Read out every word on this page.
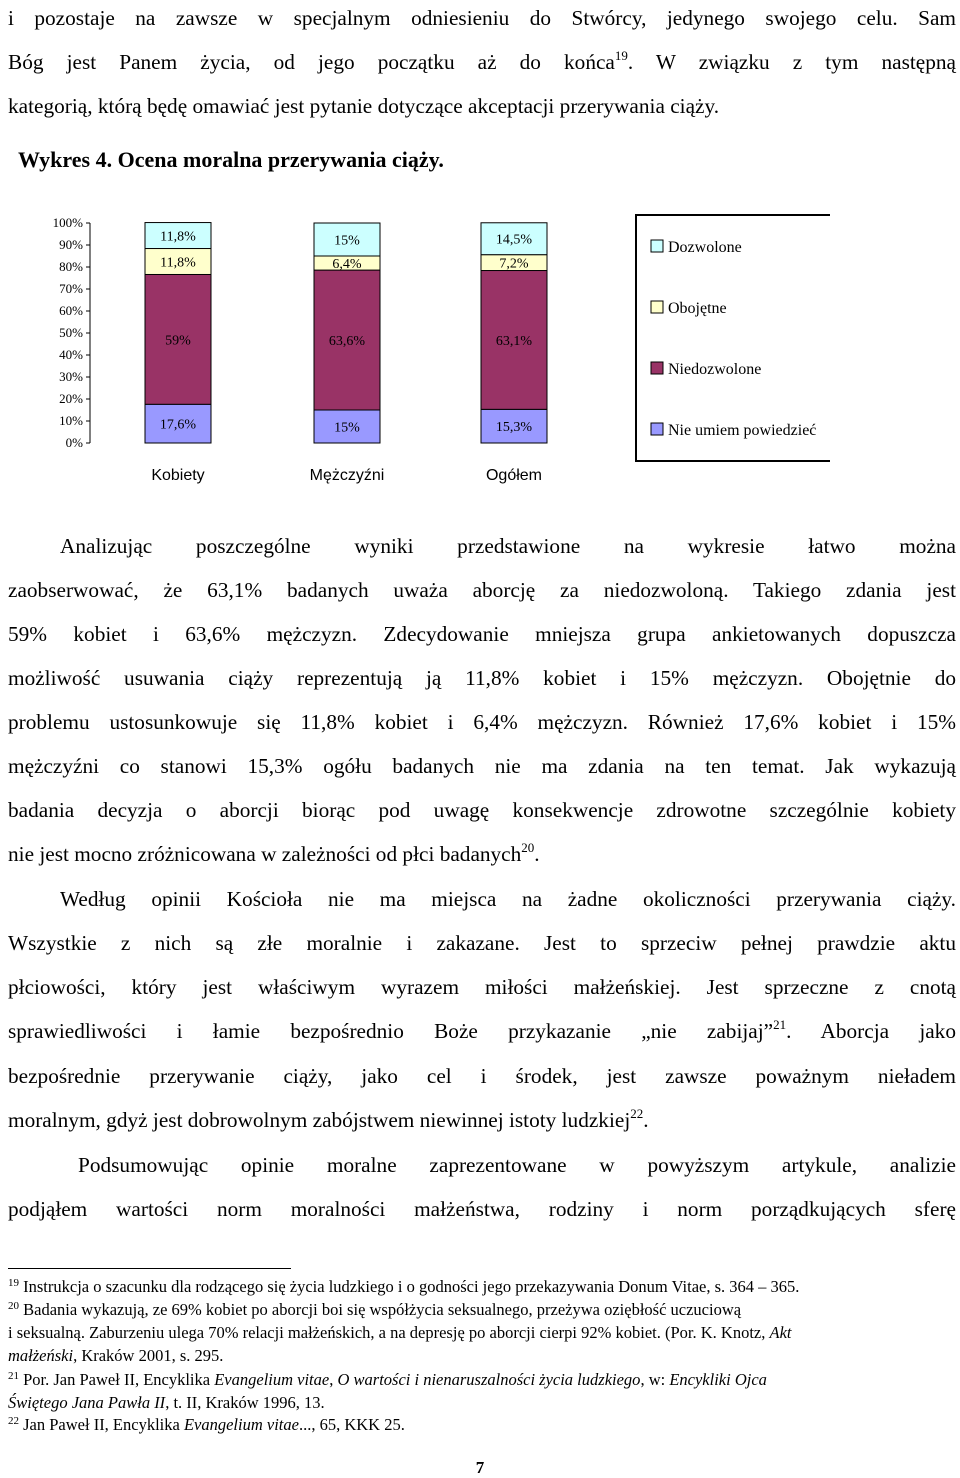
i pozostaje na zawsze w specjalnym odniesieniu do Stwórcy, jedynego swojego celu. Sam
Bóg jest Panem życia, od jego początku aż do końca$^{19}$. W związku z tym następną
kategorią, którą będę omawiać jest pytanie dotyczące akceptacji przerywania ciąży.
Wykres 4. Ocena moralna przerywania ciąży.
100%
90%
80%
70%
60%
50%
40%
30%
20%
10%
0%
17,6%
59%
11,8%
11,8%
Kobiety
15%
63,6%
6,4%
15%
Mężczyźni
15,3%
63,1%
7,2%
14,5%
Ogółem
Dozwolone
Obojętne
Niedozwolone
Nie umiem powiedzieć
Analizując poszczególne wyniki przedstawione na wykresie łatwo można
zaobserwować, że 63,1% badanych uważa aborcję za niedozwoloną. Takiego zdania jest
59% kobiet i 63,6% mężczyzn. Zdecydowanie mniejsza grupa ankietowanych dopuszcza
możliwość usuwania ciąży reprezentują ją 11,8% kobiet i 15% mężczyzn. Obojętnie do
problemu ustosunkowuje się 11,8% kobiet i 6,4% mężczyzn. Również 17,6% kobiet i 15%
mężczyźni co stanowi 15,3% ogółu badanych nie ma zdania na ten temat. Jak wykazują
badania decyzja o aborcji biorąc pod uwagę konsekwencje zdrowotne szczególnie kobiety
nie jest mocno zróżnicowana w zależności od płci badanych$^{20}$.
Według opinii Kościoła nie ma miejsca na żadne okoliczności przerywania ciąży.
Wszystkie z nich są złe moralnie i zakazane. Jest to sprzeciw pełnej prawdzie aktu
płciowości, który jest właściwym wyrazem miłości małżeńskiej. Jest sprzeczne z cnotą
sprawiedliwości i łamie bezpośrednio Boże przykazanie „nie zabijaj”$^{21}$. Aborcja jako
bezpośrednie przerywanie ciąży, jako cel i środek, jest zawsze poważnym nieładem
moralnym, gdyż jest dobrowolnym zabójstwem niewinnej istoty ludzkiej$^{22}$.
Podsumowując opinie moralne zaprezentowane w powyższym artykule, analizie
podjąłem wartości norm moralności małżeństwa, rodziny i norm porządkujących sferę
$^{19}$ Instrukcja o szacunku dla rodzącego się życia ludzkiego i o godności jego przekazywania Donum Vitae, s. 364 – 365.
$^{20}$ Badania wykazują, ze 69% kobiet po aborcji boi się współżycia seksualnego, przeżywa oziębłość uczuciową
i seksualną. Zaburzeniu ulega 70% relacji małżeńskich, a na depresję po aborcji cierpi 92% kobiet. (Por. K. Knotz, Akt
małżeński, Kraków 2001, s. 295.
$^{21}$ Por. Jan Paweł II, Encyklika Evangelium vitae, O wartości i nienaruszalności życia ludzkiego, w: Encykliki Ojca
Świętego Jana Pawła II, t. II, Kraków 1996, 13.
$^{22}$ Jan Paweł II, Encyklika Evangelium vitae..., 65, KKK 25.
7
